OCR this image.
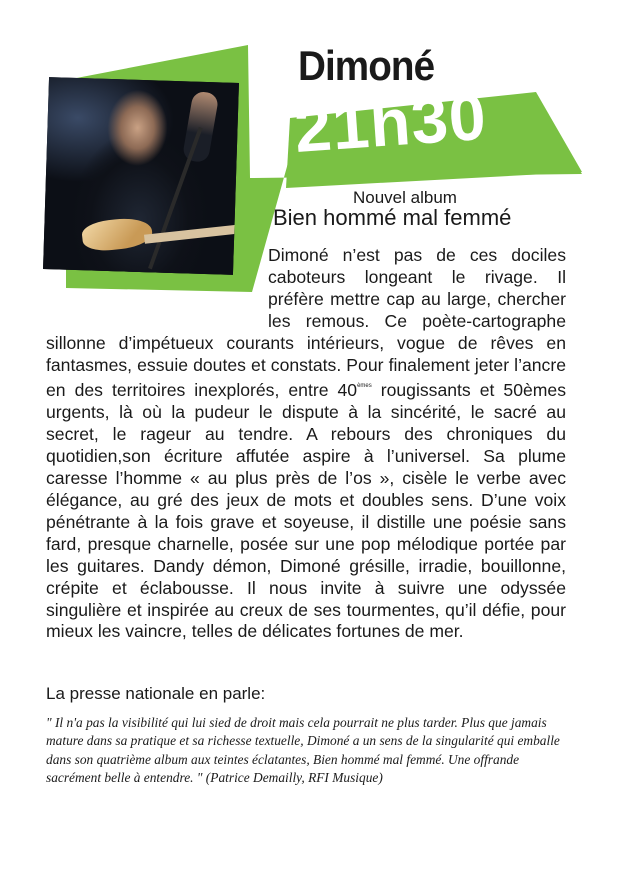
Dimoné
21h30
Nouvel album
Bien hommé mal femmé

Dimoné n’est pas de ces dociles caboteurs longeant le rivage. Il préfère mettre cap au large, chercher les remous. Ce poète-cartographe sillonne d’impétueux courants intérieurs, vogue de rêves en fantasmes, essuie doutes et constats. Pour finalement jeter l’ancre en des territoires inexplorés, entre 40èmes rougissants et 50èmes urgents, là où la pudeur le dispute à la sincérité, le sacré au secret, le rageur au tendre. A rebours des chroniques du quotidien,son écriture affutée aspire à l’universel. Sa plume caresse l’homme « au plus près de l’os », cisèle le verbe avec élégance, au gré des jeux de mots et doubles sens. D’une voix pénétrante à la fois grave et soyeuse, il distille une poésie sans fard, presque charnelle, posée sur une pop mélodique portée par les guitares. Dandy démon, Dimoné grésille, irradie, bouillonne, crépite et éclabousse. Il nous invite à suivre une odyssée singulière et inspirée au creux de ses tourmentes, qu’il défie, pour mieux les vaincre, telles de délicates fortunes de mer.

La presse nationale en parle:

" Il n'a pas la visibilité qui lui sied de droit mais cela pourrait ne plus tarder. Plus que jamais mature dans sa pratique et sa richesse textuelle, Dimoné a un sens de la singularité qui emballe dans son quatrième album aux teintes éclatantes, Bien hommé mal femmé. Une offrande sacrément belle à entendre. " (Patrice Demailly, RFI Musique)
